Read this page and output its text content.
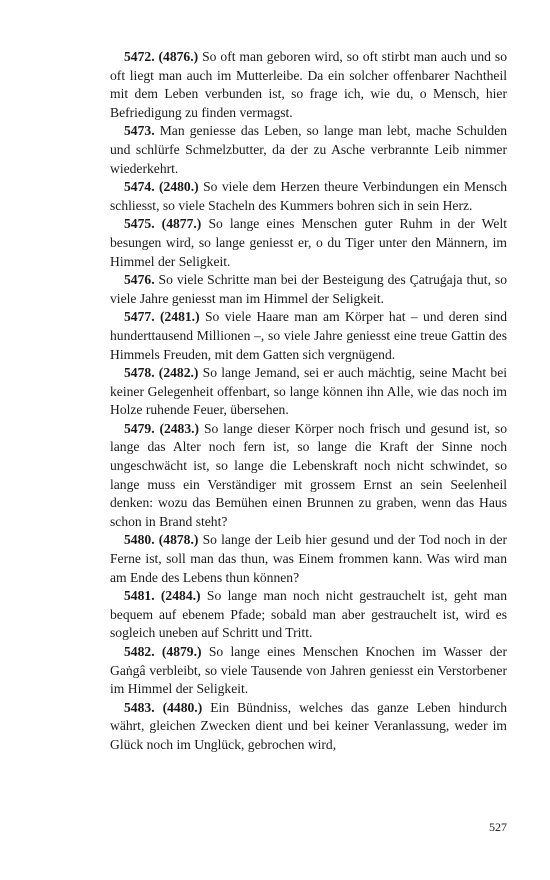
5472. (4876.) So oft man geboren wird, so oft stirbt man auch und so oft liegt man auch im Mutterleibe. Da ein solcher offenbarer Nachtheil mit dem Leben verbunden ist, so frage ich, wie du, o Mensch, hier Befriedigung zu finden vermagst.

5473. Man geniesse das Leben, so lange man lebt, mache Schulden und schlürfe Schmelzbutter, da der zu Asche verbrannte Leib nimmer wiederkehrt.

5474. (2480.) So viele dem Herzen theure Verbindungen ein Mensch schliesst, so viele Stacheln des Kummers bohren sich in sein Herz.

5475. (4877.) So lange eines Menschen guter Ruhm in der Welt besungen wird, so lange geniesst er, o du Tiger unter den Männern, im Himmel der Seligkeit.

5476. So viele Schritte man bei der Besteigung des Çatruǵaja thut, so viele Jahre geniesst man im Himmel der Seligkeit.

5477. (2481.) So viele Haare man am Körper hat – und deren sind hunderttausend Millionen –, so viele Jahre geniesst eine treue Gattin des Himmels Freuden, mit dem Gatten sich vergnügend.

5478. (2482.) So lange Jemand, sei er auch mächtig, seine Macht bei keiner Gelegenheit offenbart, so lange können ihn Alle, wie das noch im Holze ruhende Feuer, übersehen.

5479. (2483.) So lange dieser Körper noch frisch und gesund ist, so lange das Alter noch fern ist, so lange die Kraft der Sinne noch ungeschwächt ist, so lange die Lebenskraft noch nicht schwindet, so lange muss ein Verständiger mit grossem Ernst an sein Seelenheil denken: wozu das Bemühen einen Brunnen zu graben, wenn das Haus schon in Brand steht?

5480. (4878.) So lange der Leib hier gesund und der Tod noch in der Ferne ist, soll man das thun, was Einem frommen kann. Was wird man am Ende des Lebens thun können?

5481. (2484.) So lange man noch nicht gestrauchelt ist, geht man bequem auf ebenem Pfade; sobald man aber gestrauchelt ist, wird es sogleich uneben auf Schritt und Tritt.

5482. (4879.) So lange eines Menschen Knochen im Wasser der Gaṅgâ verbleibt, so viele Tausende von Jahren geniesst ein Verstorbener im Himmel der Seligkeit.

5483. (4480.) Ein Bündniss, welches das ganze Leben hindurch währt, gleichen Zwecken dient und bei keiner Veranlassung, weder im Glück noch im Unglück, gebrochen wird,

527
